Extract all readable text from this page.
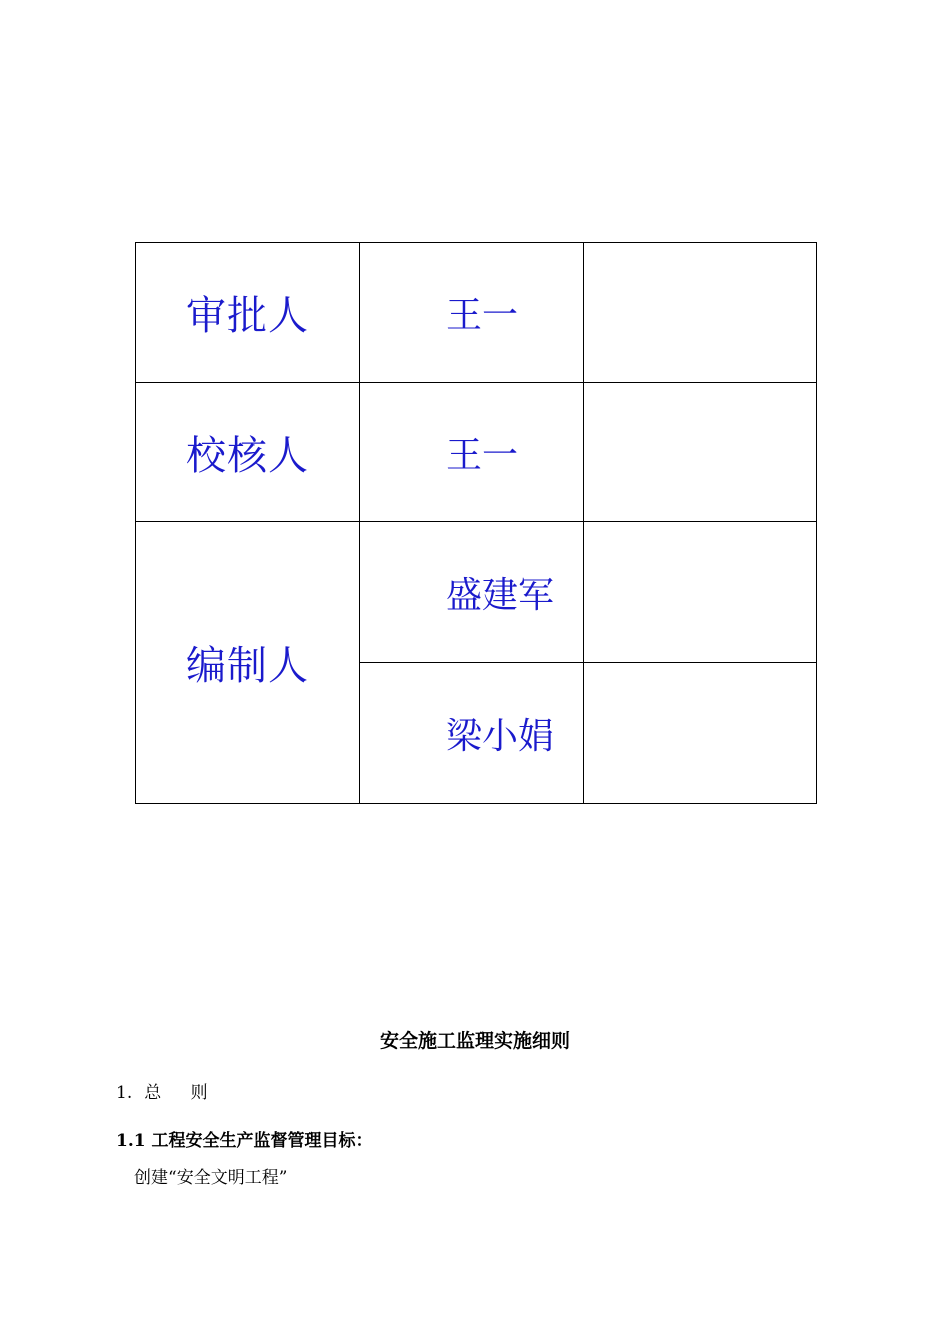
审批人	王一	

校核人	王一	

编制人	盛建军	

	梁小娟	

安全施工监理实施细则
1. 总 则
1.1 工程安全生产监督管理目标：
创建“安全文明工程”
